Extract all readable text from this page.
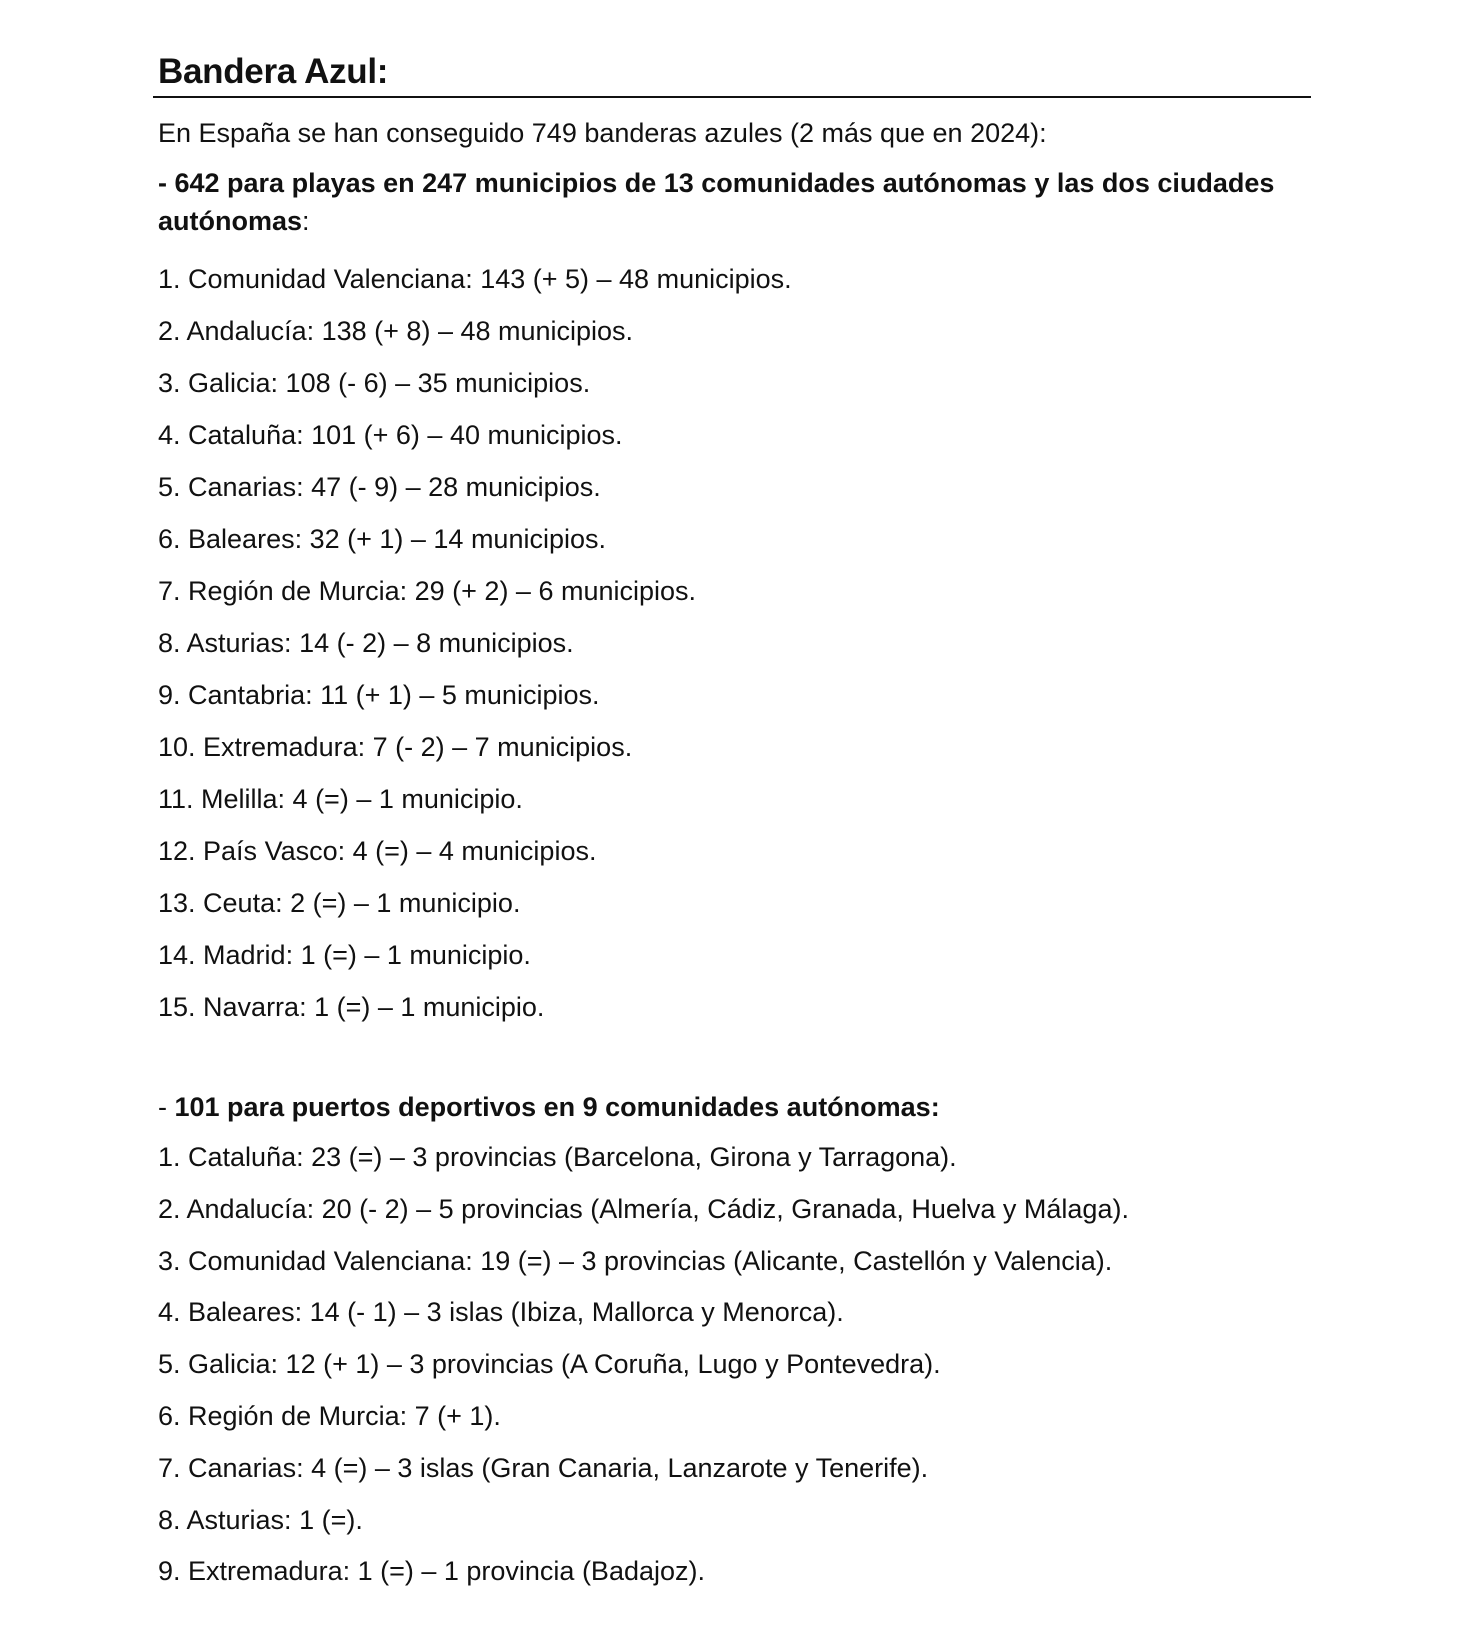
Bandera Azul:

En España se han conseguido 749 banderas azules (2 más que en 2024):

- 642 para playas en 247 municipios de 13 comunidades autónomas y las dos ciudades autónomas:

1. Comunidad Valenciana: 143 (+ 5) – 48 municipios.
2. Andalucía: 138 (+ 8) – 48 municipios.
3. Galicia: 108 (- 6) – 35 municipios.
4. Cataluña: 101 (+ 6) – 40 municipios.
5. Canarias: 47 (- 9) – 28 municipios.
6. Baleares: 32 (+ 1) – 14 municipios.
7. Región de Murcia: 29 (+ 2) – 6 municipios.
8. Asturias: 14 (- 2) – 8 municipios.
9. Cantabria: 11 (+ 1) – 5 municipios.
10. Extremadura: 7 (- 2) – 7 municipios.
11. Melilla: 4 (=) – 1 municipio.
12. País Vasco: 4 (=) – 4 municipios.
13. Ceuta: 2 (=) – 1 municipio.
14. Madrid: 1 (=) – 1 municipio.
15. Navarra: 1 (=) – 1 municipio.

- 101 para puertos deportivos en 9 comunidades autónomas:

1. Cataluña: 23 (=) – 3 provincias (Barcelona, Girona y Tarragona).
2. Andalucía: 20 (- 2) – 5 provincias (Almería, Cádiz, Granada, Huelva y Málaga).
3. Comunidad Valenciana: 19 (=) – 3 provincias (Alicante, Castellón y Valencia).
4. Baleares: 14 (- 1) – 3 islas (Ibiza, Mallorca y Menorca).
5. Galicia: 12 (+ 1) – 3 provincias (A Coruña, Lugo y Pontevedra).
6. Región de Murcia: 7 (+ 1).
7. Canarias: 4 (=) – 3 islas (Gran Canaria, Lanzarote y Tenerife).
8. Asturias: 1 (=).
9. Extremadura: 1 (=) – 1 provincia (Badajoz).
